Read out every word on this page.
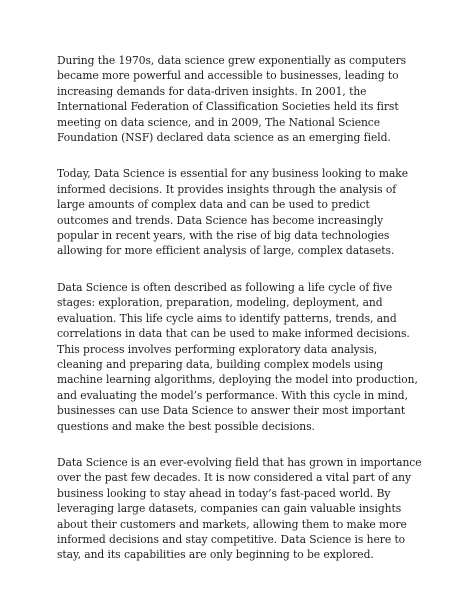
During the 1970s, data science grew exponentially as computers became more powerful and accessible to businesses, leading to increasing demands for data-driven insights. In 2001, the International Federation of Classification Societies held its first meeting on data science, and in 2009, The National Science Foundation (NSF) declared data science as an emerging field.

Today, Data Science is essential for any business looking to make informed decisions. It provides insights through the analysis of large amounts of complex data and can be used to predict outcomes and trends. Data Science has become increasingly popular in recent years, with the rise of big data technologies allowing for more efficient analysis of large, complex datasets.

Data Science is often described as following a life cycle of five stages: exploration, preparation, modeling, deployment, and evaluation. This life cycle aims to identify patterns, trends, and correlations in data that can be used to make informed decisions. This process involves performing exploratory data analysis, cleaning and preparing data, building complex models using machine learning algorithms, deploying the model into production, and evaluating the model’s performance. With this cycle in mind, businesses can use Data Science to answer their most important questions and make the best possible decisions.

Data Science is an ever-evolving field that has grown in importance over the past few decades. It is now considered a vital part of any business looking to stay ahead in today’s fast-paced world. By leveraging large datasets, companies can gain valuable insights about their customers and markets, allowing them to make more informed decisions and stay competitive. Data Science is here to stay, and its capabilities are only beginning to be explored.
